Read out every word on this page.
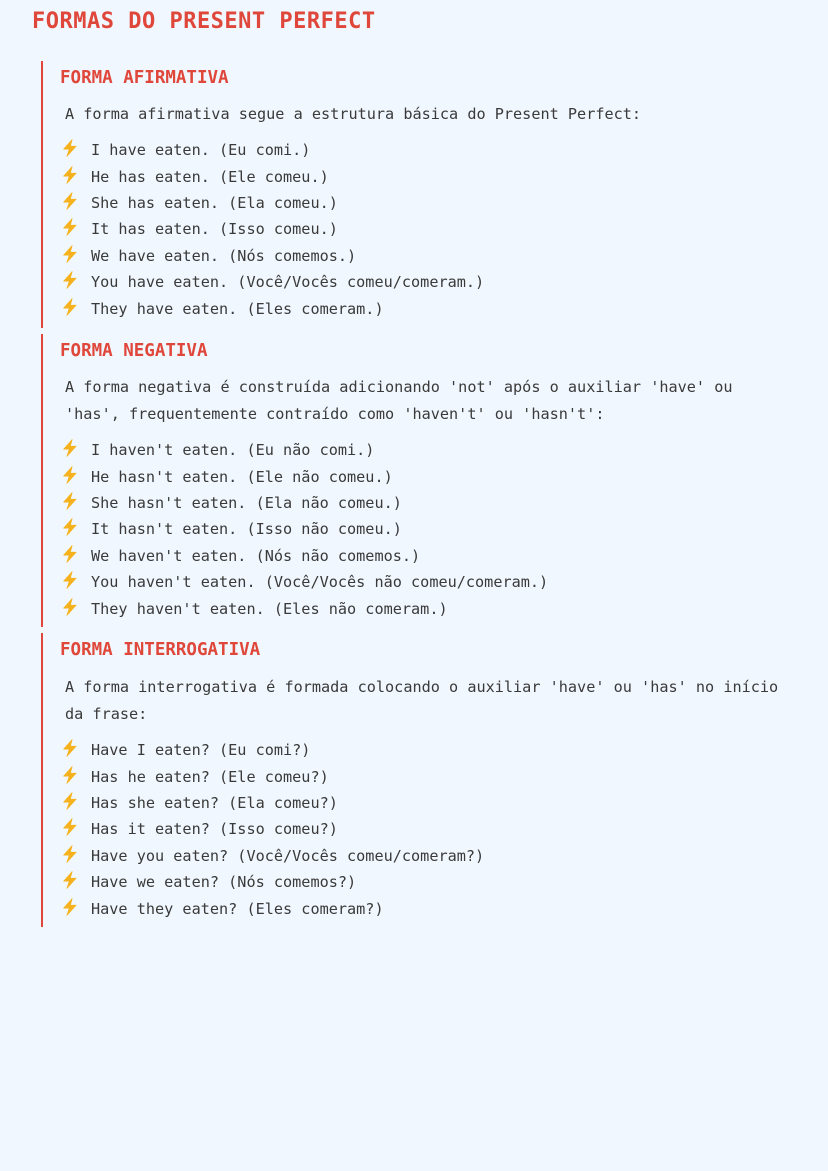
FORMAS DO PRESENT PERFECT
FORMA AFIRMATIVA

A forma afirmativa segue a estrutura básica do Present Perfect:

I have eaten. (Eu comi.)
He has eaten. (Ele comeu.)
She has eaten. (Ela comeu.)
It has eaten. (Isso comeu.)
We have eaten. (Nós comemos.)
You have eaten. (Você/Vocês comeu/comeram.)
They have eaten. (Eles comeram.)
FORMA NEGATIVA

A forma negativa é construída adicionando 'not' após o auxiliar 'have' ou 'has', frequentemente contraído como 'haven't' ou 'hasn't':

I haven't eaten. (Eu não comi.)
He hasn't eaten. (Ele não comeu.)
She hasn't eaten. (Ela não comeu.)
It hasn't eaten. (Isso não comeu.)
We haven't eaten. (Nós não comemos.)
You haven't eaten. (Você/Vocês não comeu/comeram.)
They haven't eaten. (Eles não comeram.)
FORMA INTERROGATIVA

A forma interrogativa é formada colocando o auxiliar 'have' ou 'has' no início da frase:

Have I eaten? (Eu comi?)
Has he eaten? (Ele comeu?)
Has she eaten? (Ela comeu?)
Has it eaten? (Isso comeu?)
Have you eaten? (Você/Vocês comeu/comeram?)
Have we eaten? (Nós comemos?)
Have they eaten? (Eles comeram?)
